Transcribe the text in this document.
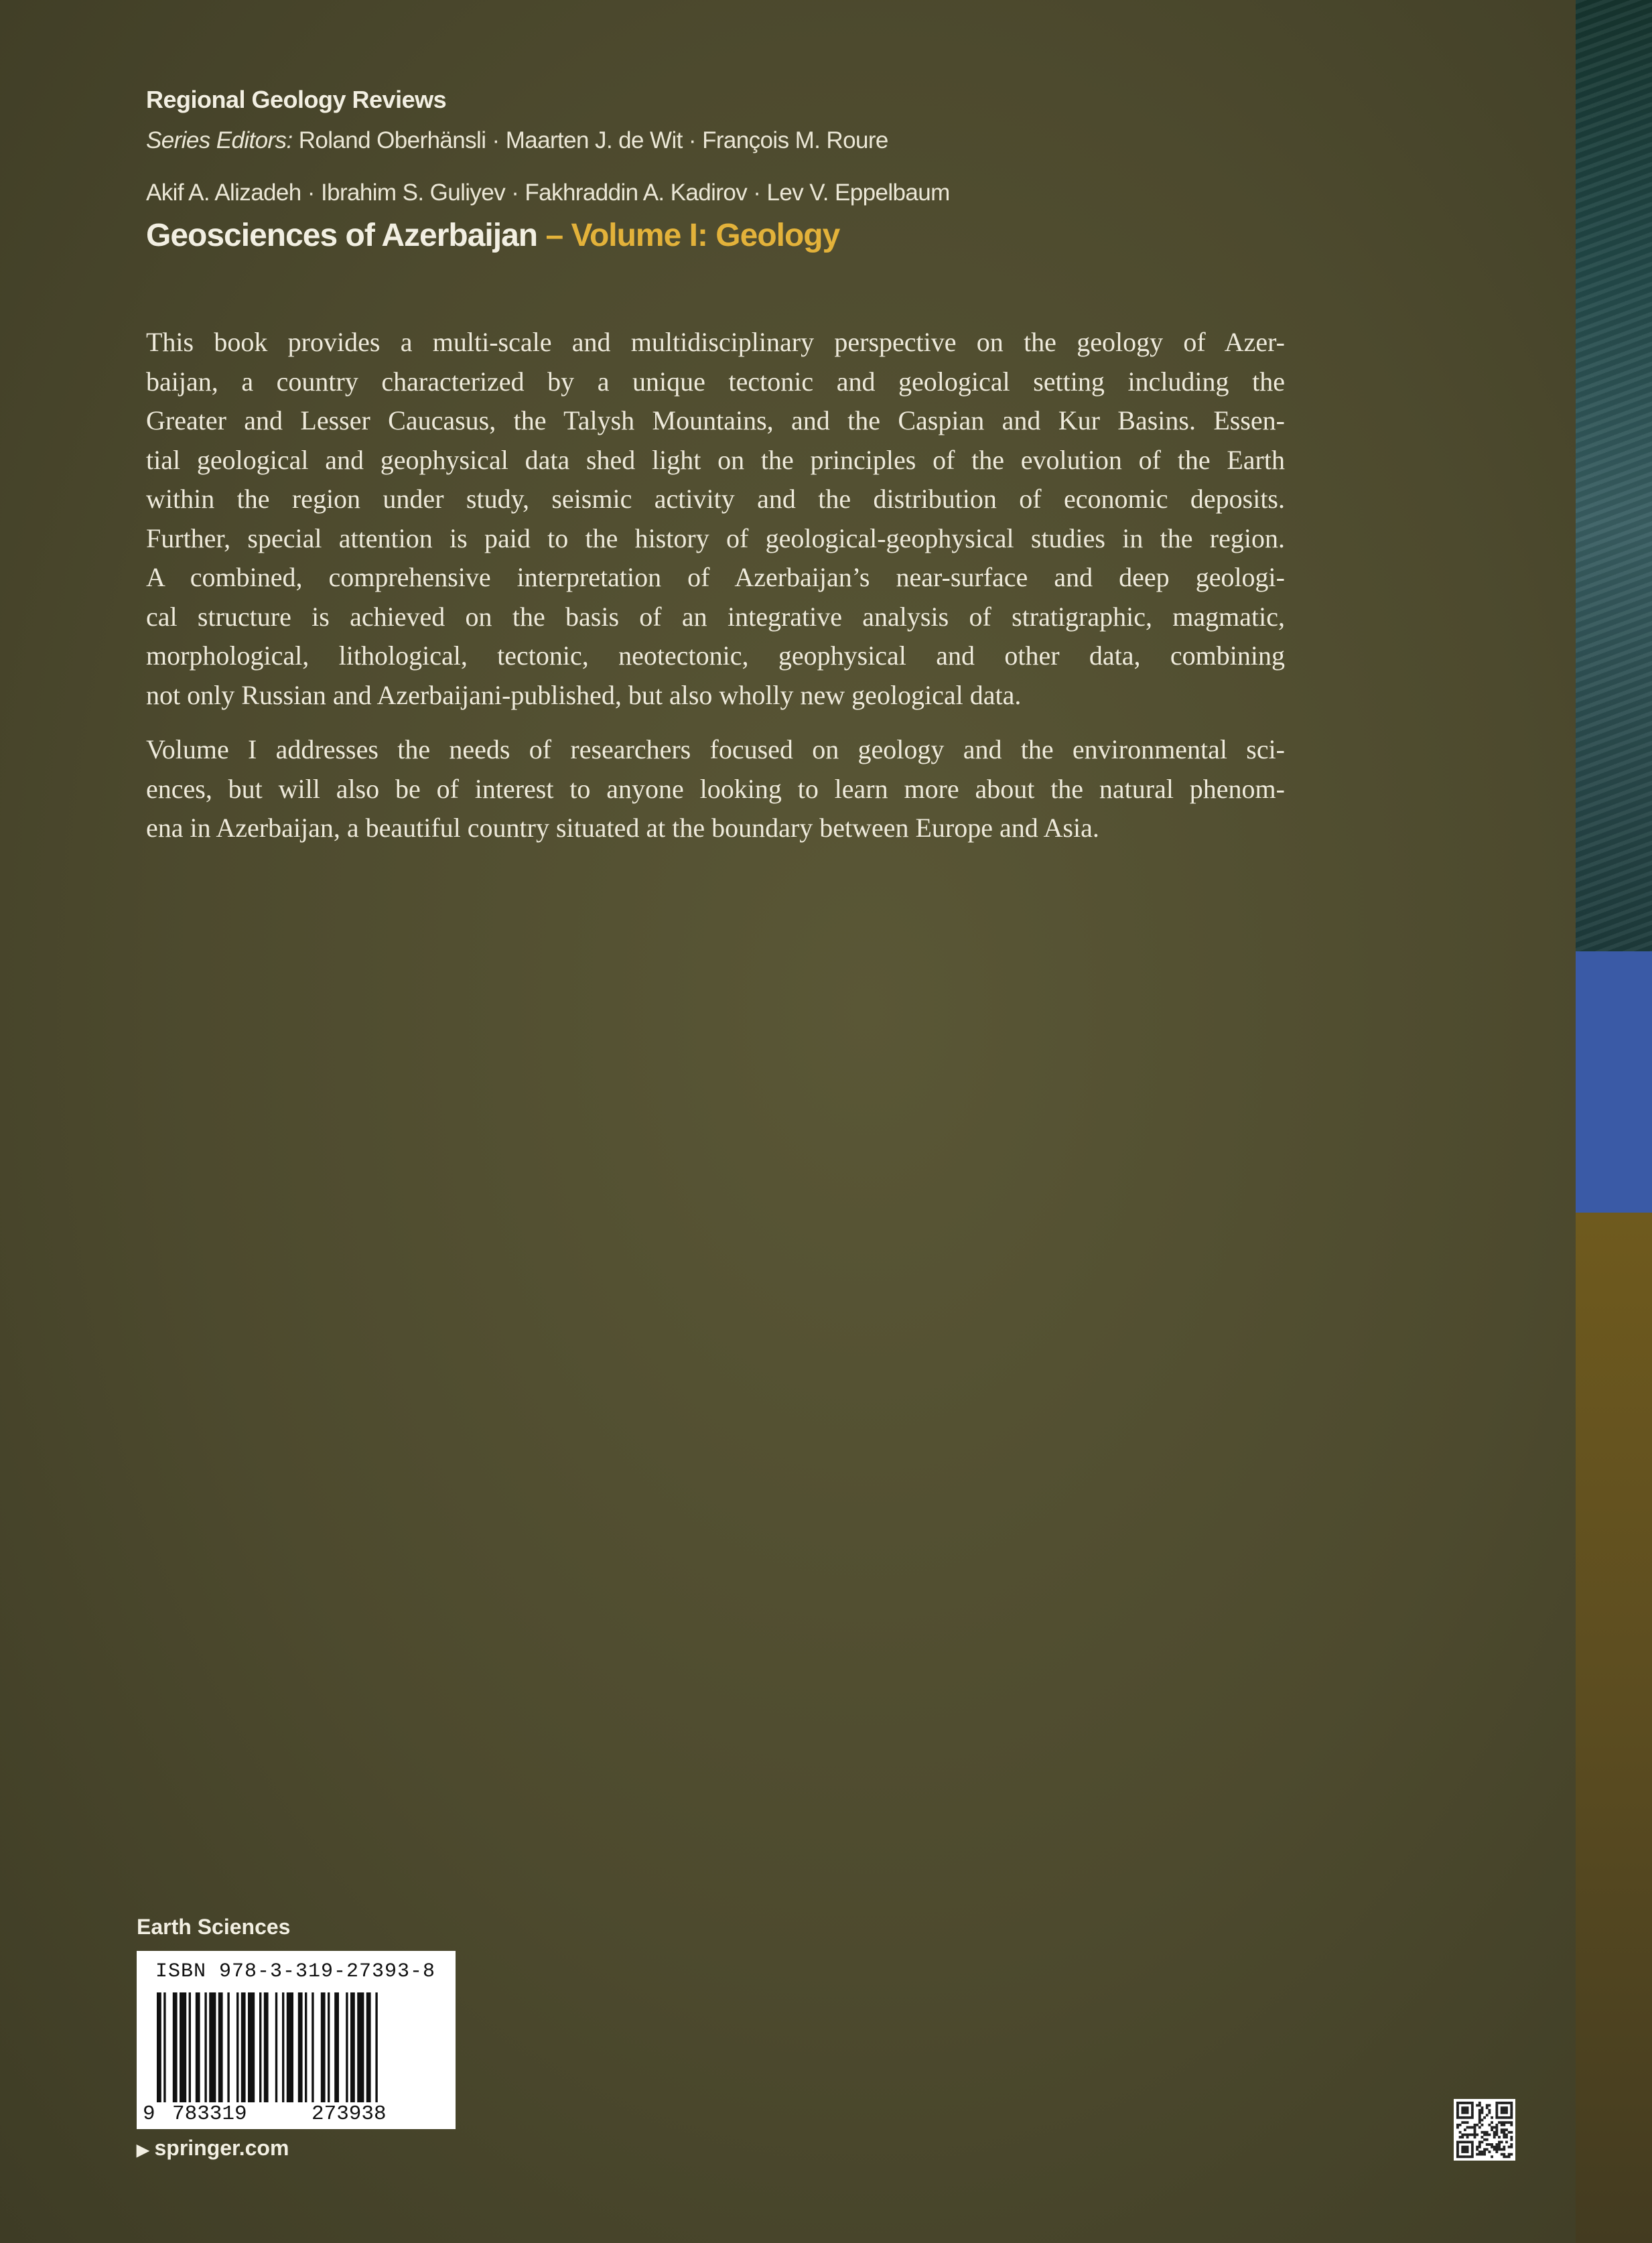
Regional Geology Reviews
Series Editors: Roland Oberhänsli · Maarten J. de Wit · François M. Roure
Akif A. Alizadeh · Ibrahim S. Guliyev · Fakhraddin A. Kadirov · Lev V. Eppelbaum
Geosciences of Azerbaijan – Volume I: Geology
This book provides a multi-scale and multidisciplinary perspective on the geology of Azer-
baijan, a country characterized by a unique tectonic and geological setting including the
Greater and Lesser Caucasus, the Talysh Mountains, and the Caspian and Kur Basins. Essen-
tial geological and geophysical data shed light on the principles of the evolution of the Earth
within the region under study, seismic activity and the distribution of economic deposits.
Further, special attention is paid to the history of geological-geophysical studies in the region.
A combined, comprehensive interpretation of Azerbaijan’s near-surface and deep geologi-
cal structure is achieved on the basis of an integrative analysis of stratigraphic, magmatic,
morphological, lithological, tectonic, neotectonic, geophysical and other data, combining
not only Russian and Azerbaijani-published, but also wholly new geological data.
Volume I addresses the needs of researchers focused on geology and the environmental sci-
ences, but will also be of interest to anyone looking to learn more about the natural phenom-
ena in Azerbaijan, a beautiful country situated at the boundary between Europe and Asia.
Earth Sciences
ISBN 978-3-319-27393-8
9 783319	273938
▶ springer.com
